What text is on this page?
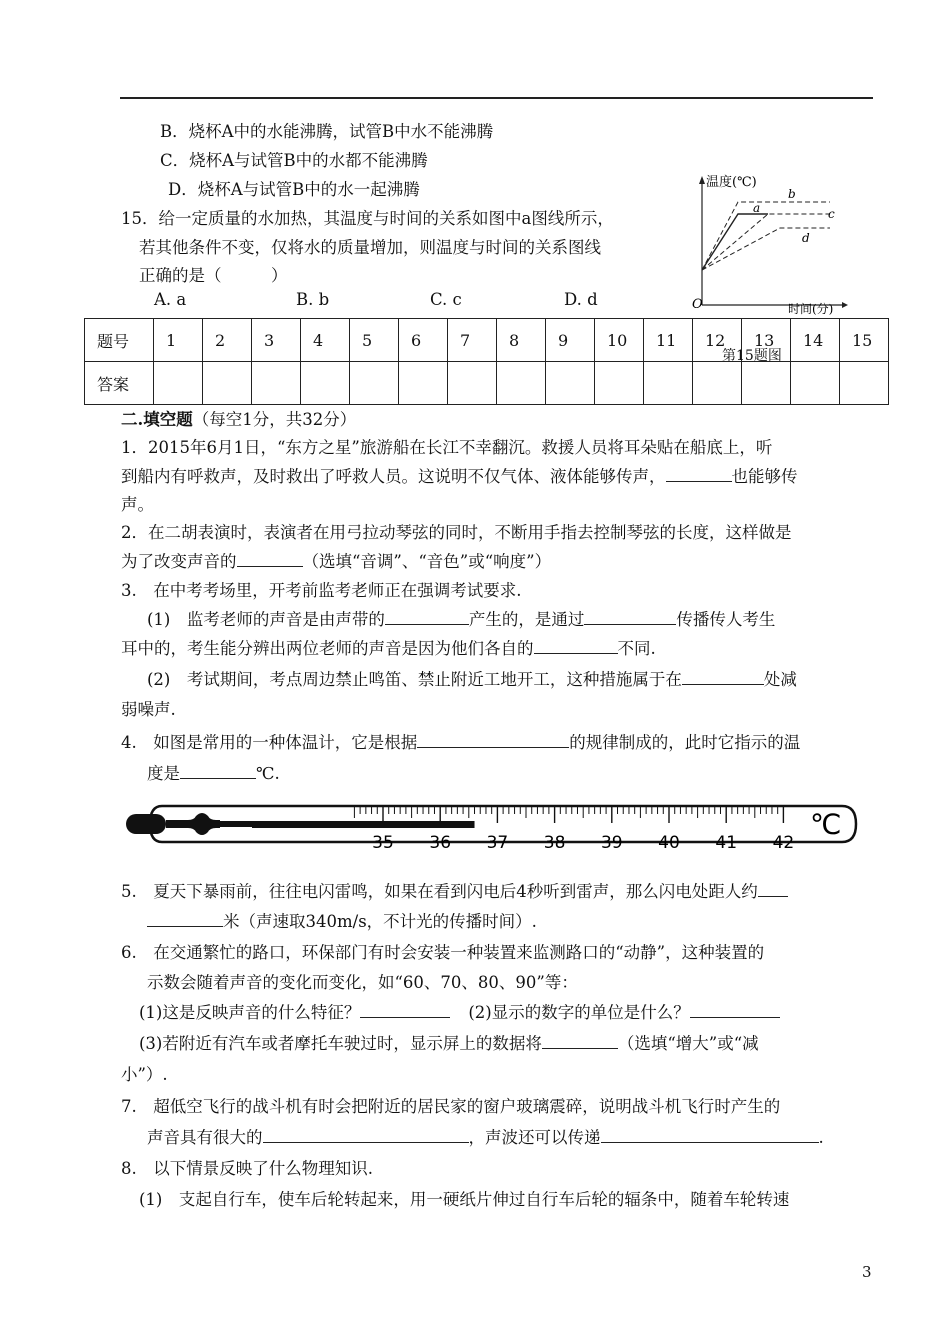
B．烧杯A中的水能沸腾，试管B中水不能沸腾
C．烧杯A与试管B中的水都不能沸腾
D．烧杯A与试管B中的水一起沸腾
15．给一定质量的水加热，其温度与时间的关系如图中a图线所示，
若其他条件不变，仅将水的质量增加，则温度与时间的关系图线
正确的是（　　　）
A. a	B. b	C. c	D. d
温度(℃)
时间(分)
O
b
a	c
d
题号	1	2	3	4	5	6	7	8	9	10	11	12	13	14	15
答案															
第15题图
二.填空题（每空1分，共32分）
1．2015年6月1日，“东方之星”旅游船在长江不幸翻沉。救援人员将耳朵贴在船底上，听
到船内有呼救声，及时救出了呼救人员。这说明不仅气体、液体能够传声，	也能够传
声。
2．在二胡表演时，表演者在用弓拉动琴弦的同时，不断用手指去控制琴弦的长度，这样做是
为了改变声音的	（选填“音调”、“音色”或“响度”）
3.　在中考考场里，开考前监考老师正在强调考试要求.
(1)　监考老师的声音是由声带的	产生的，是通过	传播传人考生
耳中的，考生能分辨出两位老师的声音是因为他们各自的	不同.
(2)　考试期间，考点周边禁止鸣笛、禁止附近工地开工，这种措施属于在	处减
弱噪声.
4.　如图是常用的一种体温计，它是根据	的规律制成的，此时它指示的温
度是	℃.
35 36 37 38 39 40 41 42
℃
5.　夏天下暴雨前，往往电闪雷鸣，如果在看到闪电后4秒听到雷声，那么闪电处距人约
米（声速取340m/s，不计光的传播时间）.
6.　在交通繁忙的路口，环保部门有时会安装一种装置来监测路口的“动静”，这种装置的
示数会随着声音的变化而变化，如“60、70、80、90”等：
(1)这是反映声音的什么特征？	(2)显示的数字的单位是什么？
(3)若附近有汽车或者摩托车驶过时，显示屏上的数据将	（选填“增大”或“减
小”）.
7.　超低空飞行的战斗机有时会把附近的居民家的窗户玻璃震碎，说明战斗机飞行时产生的
声音具有很大的	，声波还可以传递	.
8.　以下情景反映了什么物理知识.
(1)　支起自行车，使车后轮转起来，用一硬纸片伸过自行车后轮的辐条中，随着车轮转速
3
